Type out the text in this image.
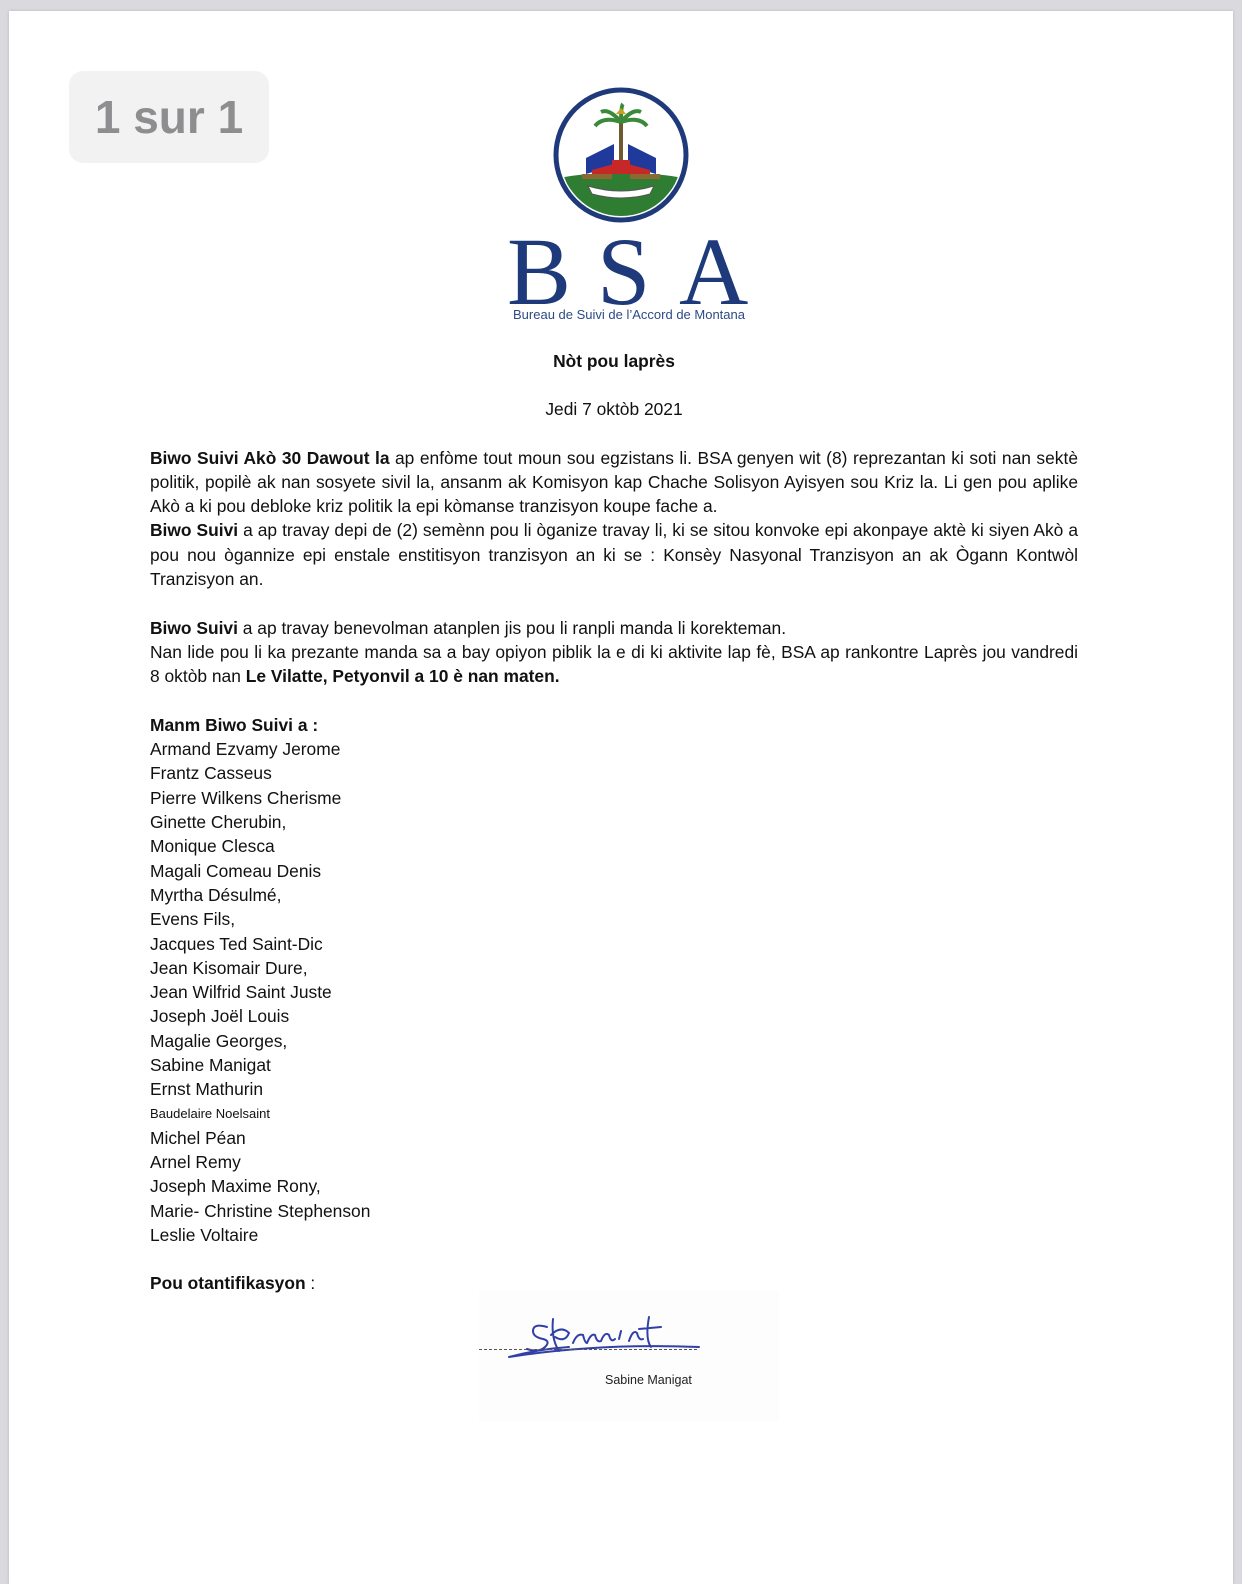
1 sur 1
B S A
Bureau de Suivi de l’Accord de Montana

Nòt pou laprès

Jedi 7 oktòb 2021

Biwo Suivi Akò 30 Dawout la ap enfòme tout moun sou egzistans li. BSA genyen wit (8) reprezantan ki soti nan sektè politik, popilè ak nan sosyete sivil la, ansanm ak Komisyon kap Chache Solisyon Ayisyen sou Kriz la. Li gen pou aplike Akò a ki pou debloke kriz politik la epi kòmanse tranzisyon koupe fache a.

Biwo Suivi a ap travay depi de (2) semènn pou li òganize travay li, ki se sitou konvoke epi akonpaye aktè ki siyen Akò a pou nou ògannize epi enstale enstitisyon tranzisyon an ki se : Konsèy Nasyonal Tranzisyon an ak Ògann Kontwòl Tranzisyon an.

Biwo Suivi a ap travay benevolman atanplen jis pou li ranpli manda li korekteman.

Nan lide pou li ka prezante manda sa a bay opiyon piblik la e di ki aktivite lap fè, BSA ap rankontre Laprès jou vandredi 8 oktòb nan Le Vilatte, Petyonvil a 10 è nan maten.

Manm Biwo Suivi a :

Armand Ezvamy Jerome
Frantz Casseus
Pierre Wilkens Cherisme
Ginette Cherubin,
Monique Clesca
Magali Comeau Denis
Myrtha Désulmé,
Evens Fils,
Jacques Ted Saint-Dic
Jean Kisomair Dure,
Jean Wilfrid Saint Juste
Joseph Joël Louis
Magalie Georges,
Sabine Manigat
Ernst Mathurin
Baudelaire Noelsaint
Michel Péan
Arnel Remy
Joseph Maxime Rony,
Marie- Christine Stephenson
Leslie Voltaire

Pou otantifikasyon :

Sabine Manigat
